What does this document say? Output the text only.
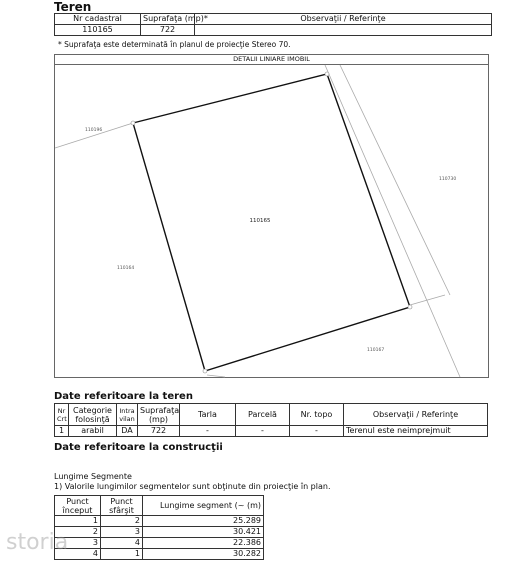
Teren
Nr cadastral	Suprafaţa (mp)*	Observaţii / Referinţe
110165	722	
* Suprafaţa este determinată în planul de proiecţie Stereo 70.
DETALII LINIARE IMOBIL
110165
110196
110164
110730
110167
Date referitoare la teren
Nr Crt	Categorie folosinţă	Intra vilan	Suprafaţa (mp)	Tarla	Parcelă	Nr. topo	Observaţii / Referinţe
1	arabil	DA	722	-	-	-	Terenul este neimprejmuit
Date referitoare la construcţii
Lungime Segmente
1) Valorile lungimilor segmentelor sunt obţinute din proiecţie în plan.
Punct început	Punct sfârşit	Lungime segment (~ (m)
1	2	25.289
2	3	30.421
3	4	22.386
4	1	30.282
storia
